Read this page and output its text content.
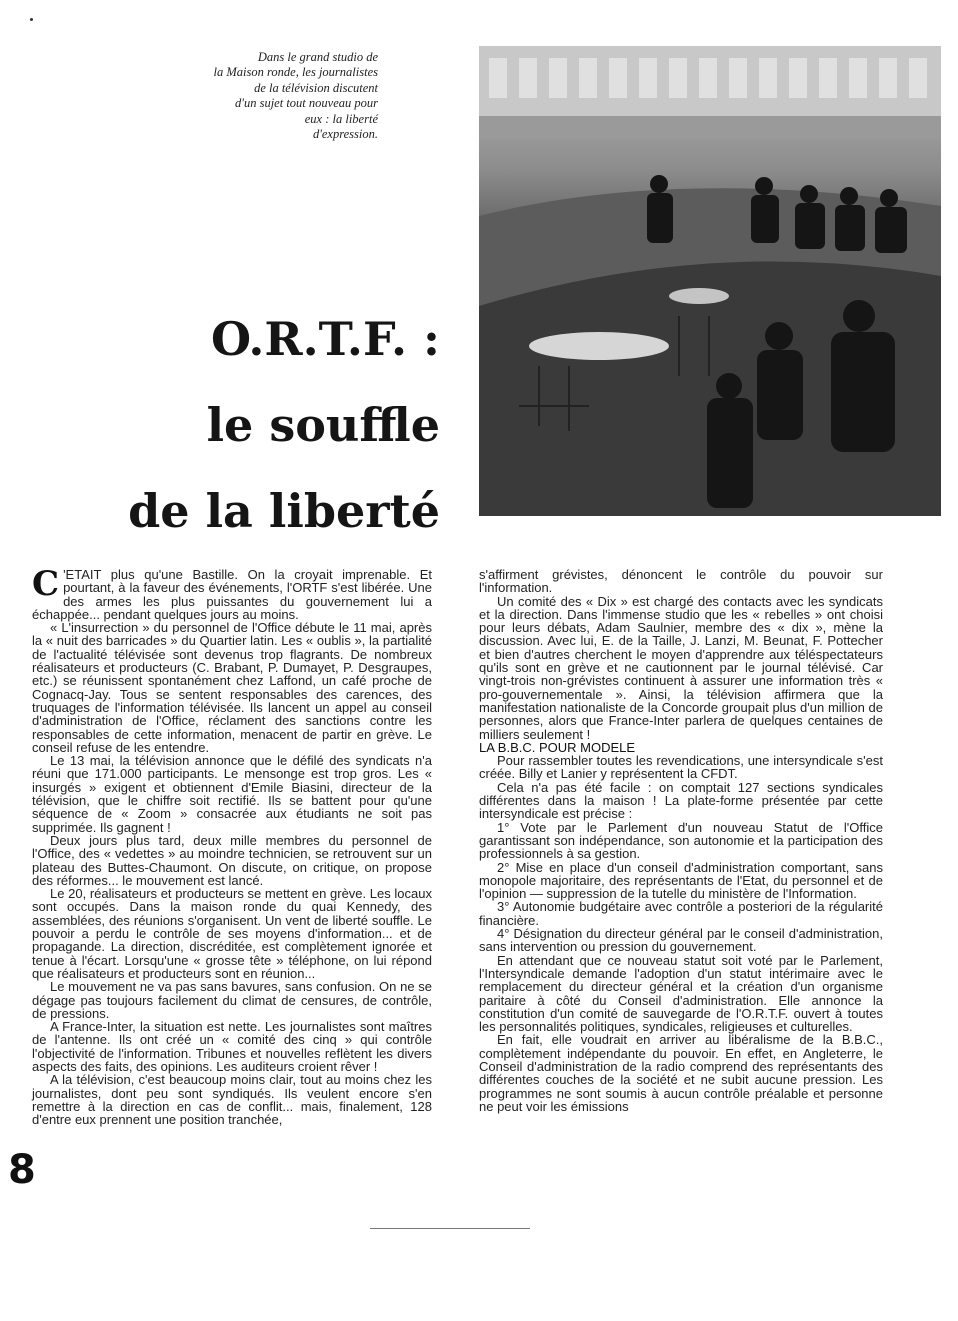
Dans le grand studio de
la Maison ronde, les journalistes
de la télévision discutent
d'un sujet tout nouveau pour
eux : la liberté
d'expression.
O.R.T.F. :
le souffle
de la liberté

C 'ETAIT plus qu'une Bastille. On la croyait imprenable. Et pourtant, à la faveur des événements, l'ORTF s'est libérée. Une des armes les plus puissantes du gouvernement lui a échappée... pendant quelques jours au moins.

« L'insurrection » du personnel de l'Office débute le 11 mai, après la « nuit des barricades » du Quartier latin. Les « oublis », la partialité de l'actualité télévisée sont devenus trop flagrants. De nombreux réalisateurs et producteurs (C. Brabant, P. Dumayet, P. Desgraupes, etc.) se réunissent spontanément chez Laffond, un café proche de Cognacq-Jay. Tous se sentent responsables des carences, des truquages de l'information télévisée. Ils lancent un appel au conseil d'administration de l'Office, réclament des sanctions contre les responsables de cette information, menacent de partir en grève. Le conseil refuse de les entendre.

Le 13 mai, la télévision annonce que le défilé des syndicats n'a réuni que 171.000 participants. Le mensonge est trop gros. Les « insurgés » exigent et obtiennent d'Emile Biasini, directeur de la télévision, que le chiffre soit rectifié. Ils se battent pour qu'une séquence de « Zoom » consacrée aux étudiants ne soit pas supprimée. Ils gagnent !

Deux jours plus tard, deux mille membres du personnel de l'Office, des « vedettes » au moindre technicien, se retrouvent sur un plateau des Buttes-Chaumont. On discute, on critique, on propose des réformes... le mouvement est lancé.

Le 20, réalisateurs et producteurs se mettent en grève. Les locaux sont occupés. Dans la maison ronde du quai Kennedy, des assemblées, des réunions s'organisent. Un vent de liberté souffle. Le pouvoir a perdu le contrôle de ses moyens d'information... et de propagande. La direction, discréditée, est complètement ignorée et tenue à l'écart. Lorsqu'une « grosse tête » téléphone, on lui répond que réalisateurs et producteurs sont en réunion...

Le mouvement ne va pas sans bavures, sans confusion. On ne se dégage pas toujours facilement du climat de censures, de contrôle, de pressions.

A France-Inter, la situation est nette. Les journalistes sont maîtres de l'antenne. Ils ont créé un « comité des cinq » qui contrôle l'objectivité de l'information. Tribunes et nouvelles reflètent les divers aspects des faits, des opinions. Les auditeurs croient rêver !

A la télévision, c'est beaucoup moins clair, tout au moins chez les journalistes, dont peu sont syndiqués. Ils veulent encore s'en remettre à la direction en cas de conflit... mais, finalement, 128 d'entre eux prennent une position tranchée,

s'affirment grévistes, dénoncent le contrôle du pouvoir sur l'information.

Un comité des « Dix » est chargé des contacts avec les syndicats et la direction. Dans l'immense studio que les « rebelles » ont choisi pour leurs débats, Adam Saulnier, membre des « dix », mène la discussion. Avec lui, E. de la Taille, J. Lanzi, M. Beunat, F. Pottecher et bien d'autres cherchent le moyen d'apprendre aux téléspectateurs qu'ils sont en grève et ne cautionnent par le journal télévisé. Car vingt-trois non-grévistes continuent à assurer une information très « pro-gouvernementale ». Ainsi, la télévision affirmera que la manifestation nationaliste de la Concorde groupait plus d'un million de personnes, alors que France-Inter parlera de quelques centaines de milliers seulement !

LA B.B.C. POUR MODELE

Pour rassembler toutes les revendications, une intersyndicale s'est créée. Billy et Lanier y représentent la CFDT.

Cela n'a pas été facile : on comptait 127 sections syndicales différentes dans la maison ! La plate-forme présentée par cette intersyndicale est précise :

1° Vote par le Parlement d'un nouveau Statut de l'Office garantissant son indépendance, son autonomie et la participation des professionnels à sa gestion.

2° Mise en place d'un conseil d'administration comportant, sans monopole majoritaire, des représentants de l'Etat, du personnel et de l'opinion — suppression de la tutelle du ministère de l'Information.

3° Autonomie budgétaire avec contrôle a posteriori de la régularité financière.

4° Désignation du directeur général par le conseil d'administration, sans intervention ou pression du gouvernement.

En attendant que ce nouveau statut soit voté par le Parlement, l'Intersyndicale demande l'adoption d'un statut intérimaire avec le remplacement du directeur général et la création d'un organisme paritaire à côté du Conseil d'administration. Elle annonce la constitution d'un comité de sauvegarde de l'O.R.T.F. ouvert à toutes les personnalités politiques, syndicales, religieuses et culturelles.

En fait, elle voudrait en arriver au libéralisme de la B.B.C., complètement indépendante du pouvoir. En effet, en Angleterre, le Conseil d'administration de la radio comprend des représentants des différentes couches de la société et ne subit aucune pression. Les programmes ne sont soumis à aucun contrôle préalable et personne ne peut voir les émissions

8
